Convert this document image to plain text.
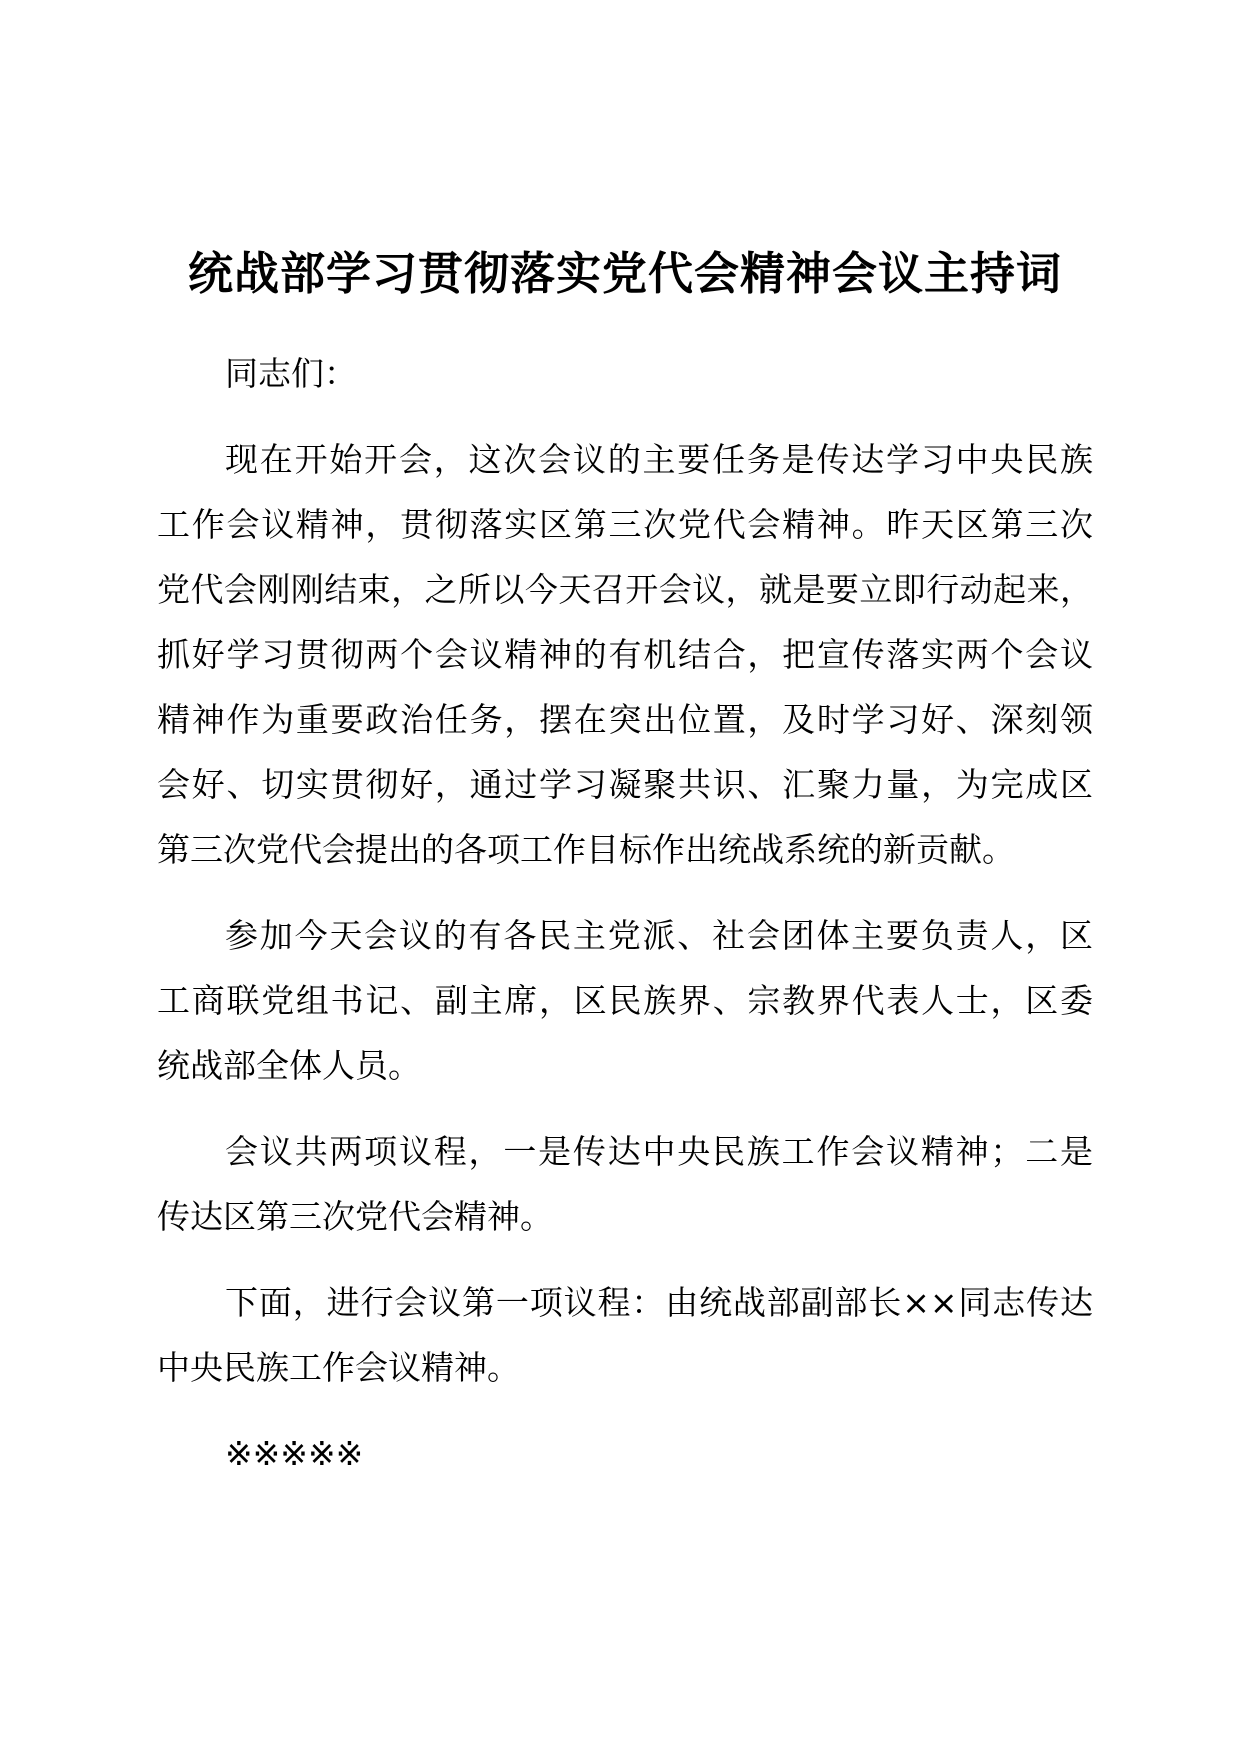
统战部学习贯彻落实党代会精神会议主持词
同志们：
现在开始开会，这次会议的主要任务是传达学习中央民族
工作会议精神，贯彻落实区第三次党代会精神。昨天区第三次
党代会刚刚结束，之所以今天召开会议，就是要立即行动起来，
抓好学习贯彻两个会议精神的有机结合，把宣传落实两个会议
精神作为重要政治任务，摆在突出位置，及时学习好、深刻领
会好、切实贯彻好，通过学习凝聚共识、汇聚力量，为完成区
第三次党代会提出的各项工作目标作出统战系统的新贡献。
参加今天会议的有各民主党派、社会团体主要负责人，区
工商联党组书记、副主席，区民族界、宗教界代表人士，区委
统战部全体人员。
会议共两项议程，一是传达中央民族工作会议精神；二是
传达区第三次党代会精神。
下面，进行会议第一项议程：由统战部副部长××同志传达
中央民族工作会议精神。
※※※※※
